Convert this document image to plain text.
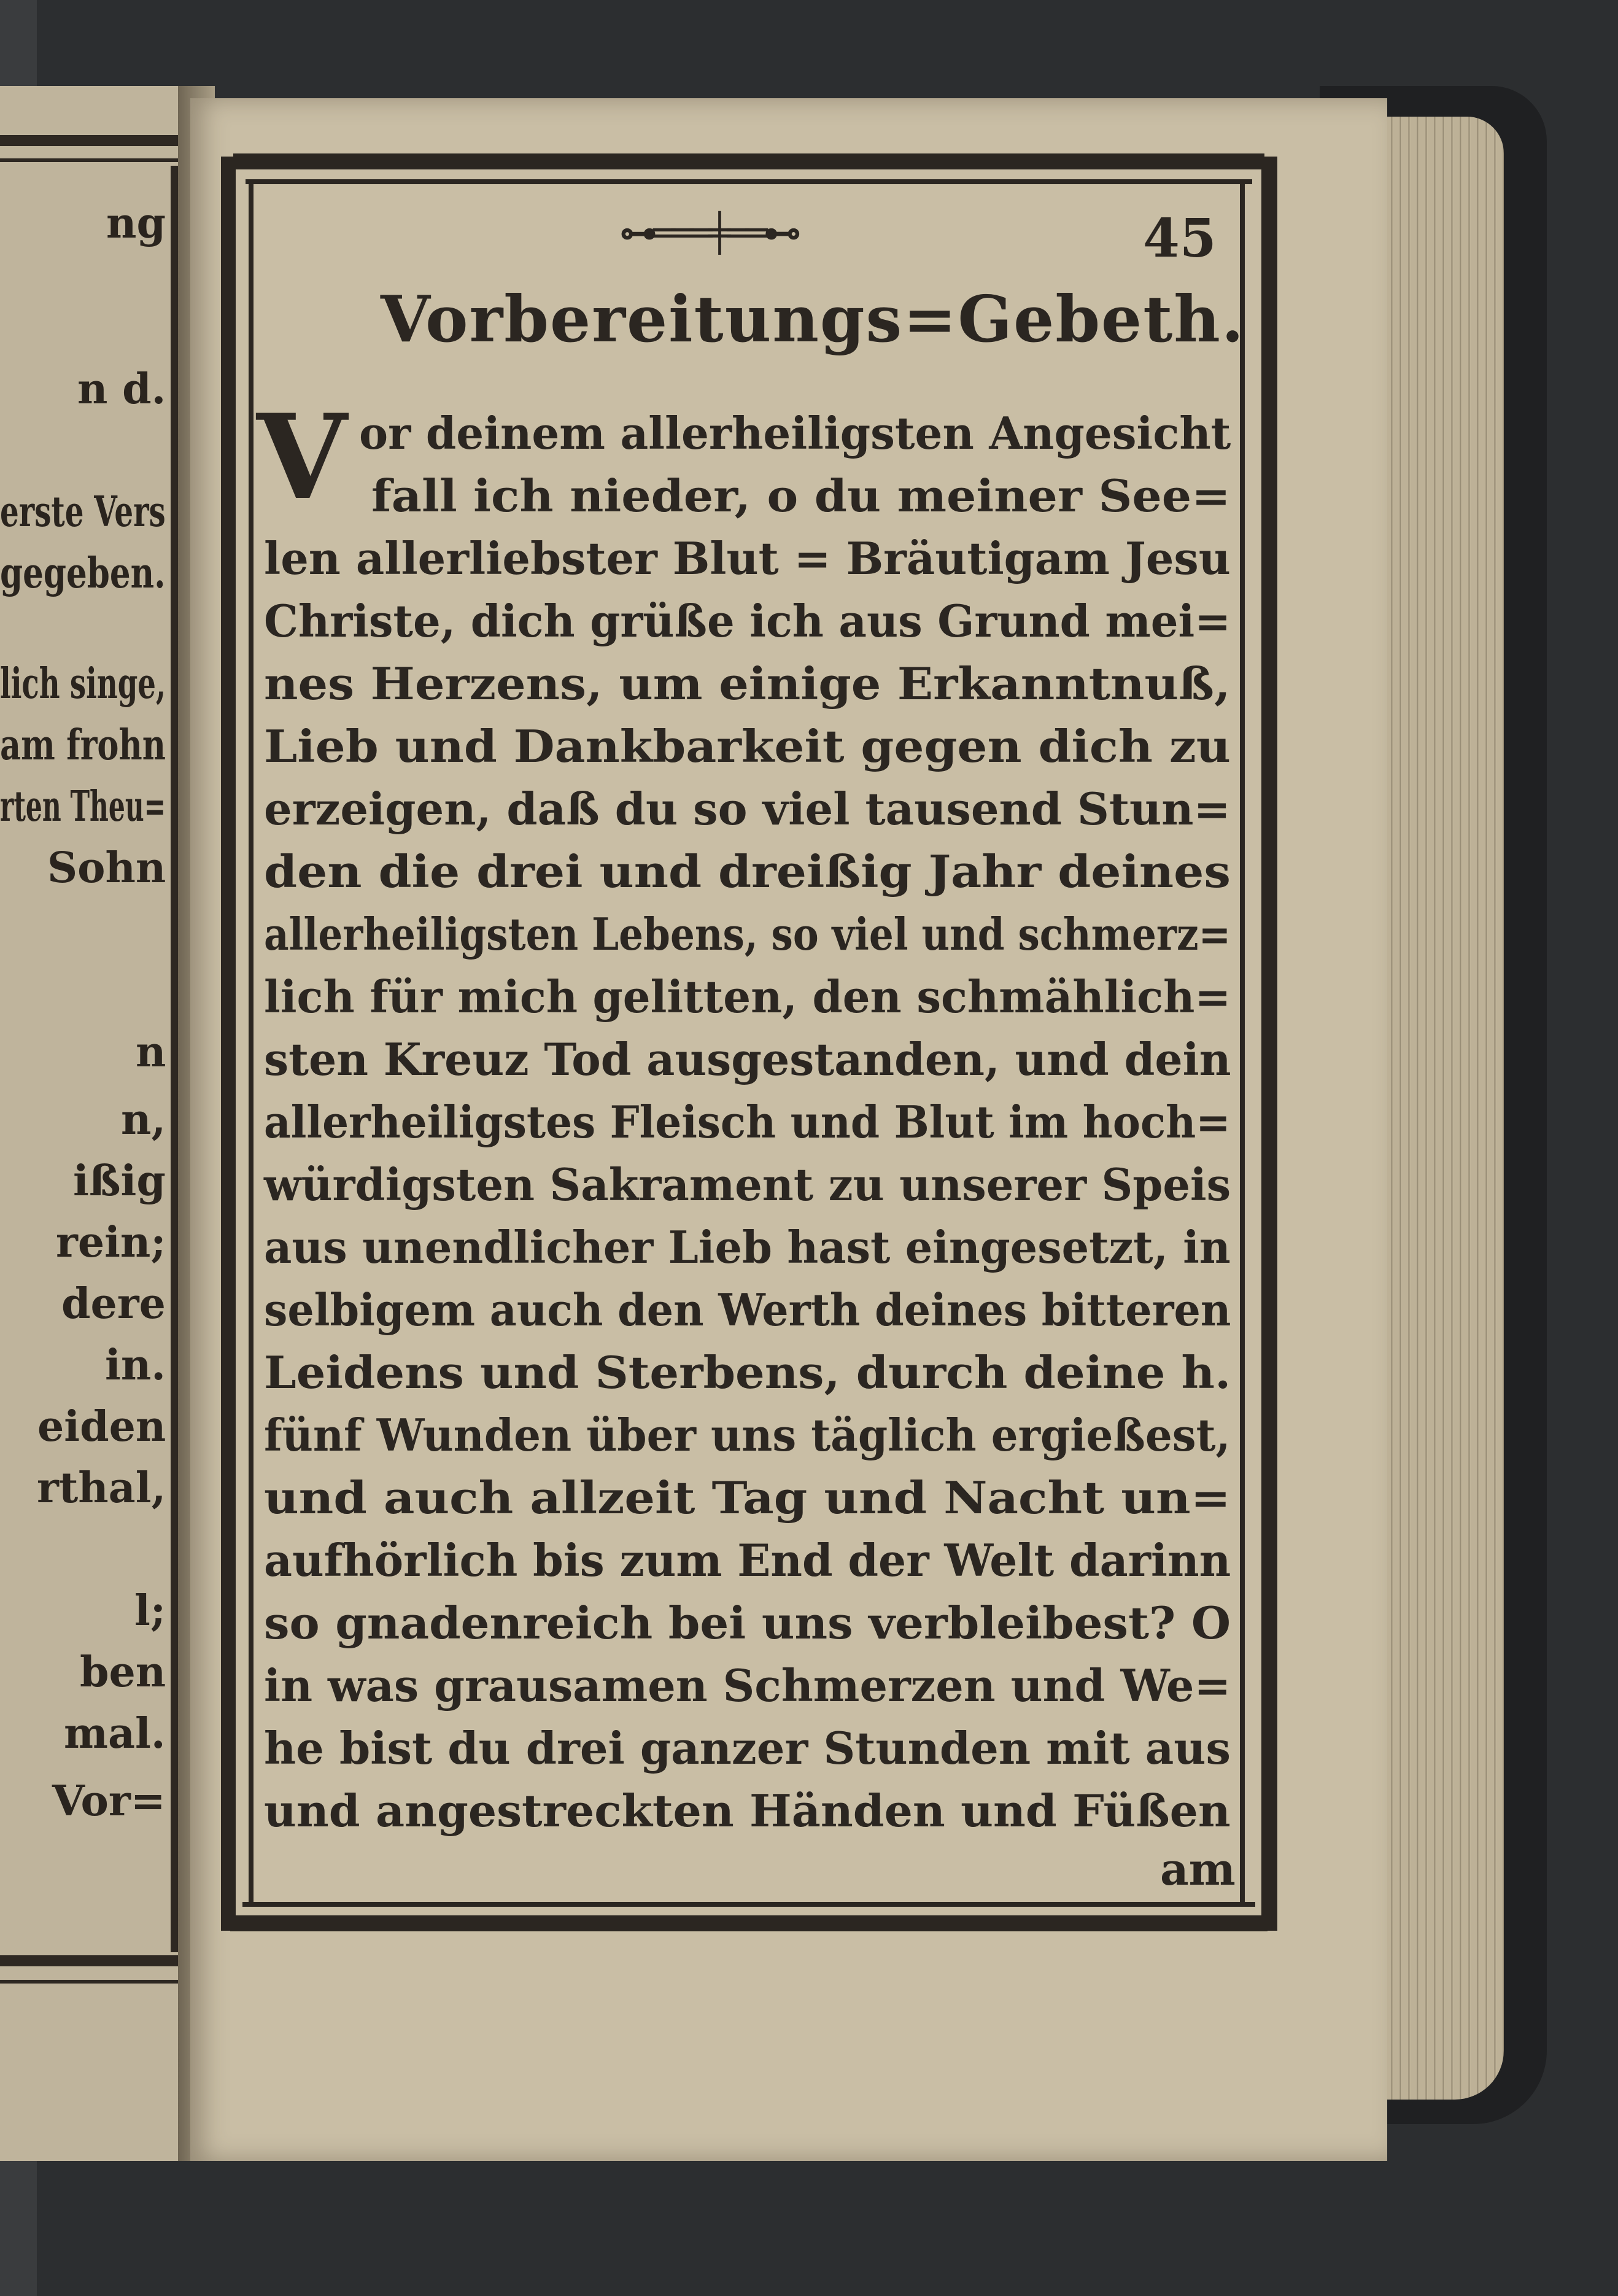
ng
n d.
erste Vers
gegeben.
lich singe,
am frohn
rten Theu=
Sohn
n
n,
ißig
rein;
dere
in.
eiden
rthal,
l;
ben
mal.
Vor=
⊶═══╪══⊷	45
Vorbereitungs=Gebeth.
V or deinem allerheiligsten Angesicht
fall ich nieder, o du meiner See=
len allerliebster Blut = Bräutigam Jesu
Christe, dich grüße ich aus Grund mei=
nes Herzens, um einige Erkanntnuß,
Lieb und Dankbarkeit gegen dich zu
erzeigen, daß du so viel tausend Stun=
den die drei und dreißig Jahr deines
allerheiligsten Lebens, so viel und schmerz=
lich für mich gelitten, den schmählich=
sten Kreuz Tod ausgestanden, und dein
allerheiligstes Fleisch und Blut im hoch=
würdigsten Sakrament zu unserer Speis
aus unendlicher Lieb hast eingesetzt, in
selbigem auch den Werth deines bitteren
Leidens und Sterbens, durch deine h.
fünf Wunden über uns täglich ergießest,
und auch allzeit Tag und Nacht un=
aufhörlich bis zum End der Welt darinn
so gnadenreich bei uns verbleibest? O
in was grausamen Schmerzen und We=
he bist du drei ganzer Stunden mit aus
und angestreckten Händen und Füßen
am
